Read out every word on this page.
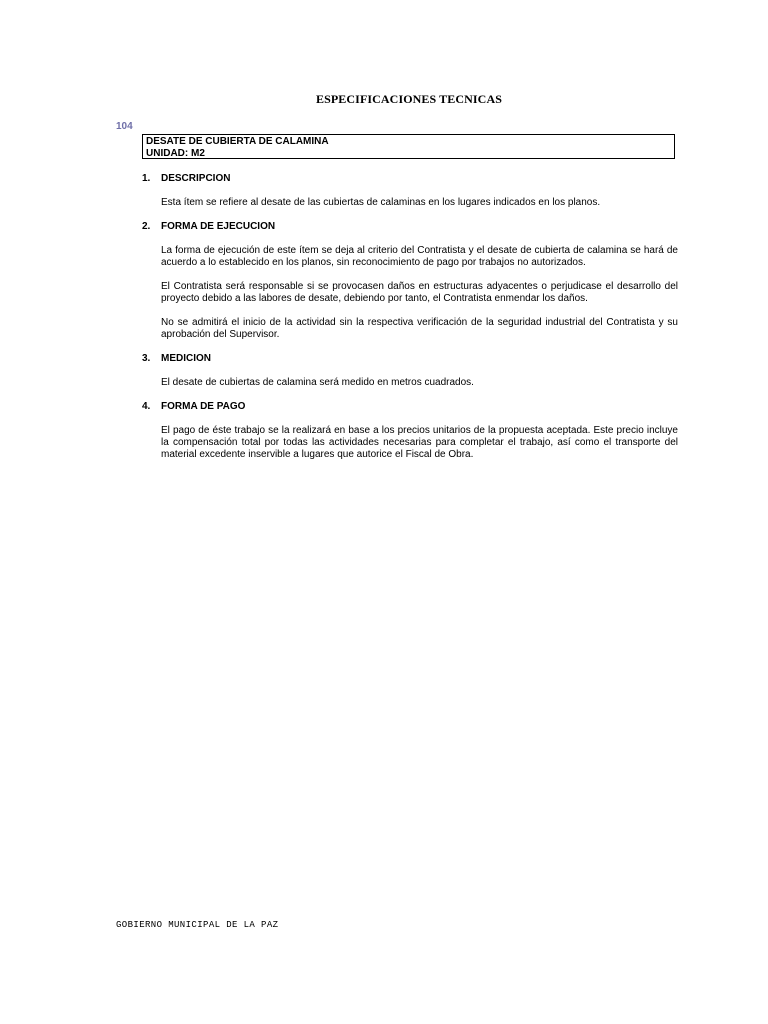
ESPECIFICACIONES TECNICAS
104
DESATE DE CUBIERTA DE CALAMINA
UNIDAD: M2
1.	DESCRIPCION

Esta ítem se refiere al desate de las cubiertas de calaminas en los lugares indicados en los planos.

2.	FORMA DE EJECUCION

La forma de ejecución de este ítem se deja al criterio del Contratista y el desate de cubierta de calamina se hará de acuerdo a lo establecido en los planos, sin reconocimiento de pago por trabajos no autorizados.

El Contratista será responsable si se provocasen daños en estructuras adyacentes o perjudicase el desarrollo del proyecto debido a las labores de desate, debiendo por tanto, el Contratista enmendar los daños.

No se admitirá el inicio de la actividad sin la respectiva verificación de la seguridad industrial del Contratista y su aprobación del Supervisor.

3.	MEDICION

El desate de cubiertas de calamina será medido en metros cuadrados.

4.	FORMA DE PAGO

El pago de éste trabajo se la realizará en base a los precios unitarios de la propuesta aceptada. Este precio incluye la compensación total por todas las actividades necesarias para completar el trabajo, así como el transporte del material excedente inservible a lugares que autorice el Fiscal de Obra.

GOBIERNO MUNICIPAL DE LA PAZ
